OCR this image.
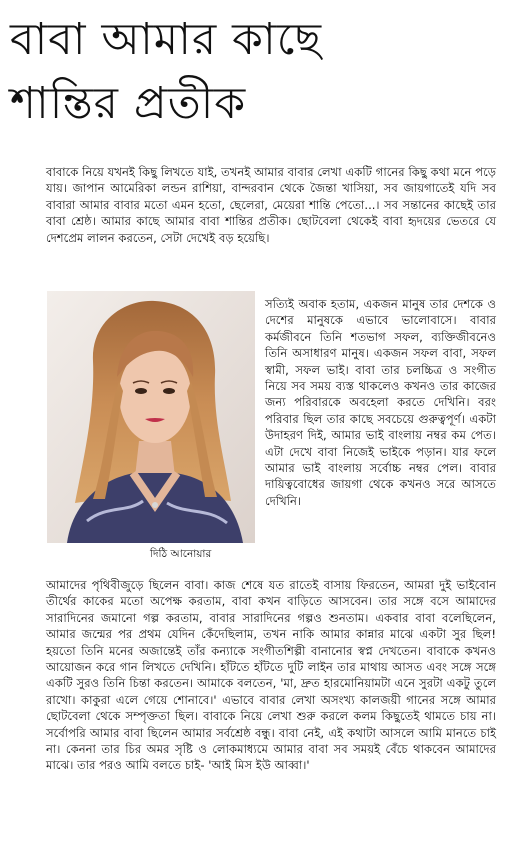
বাবা আমার কাছে
শান্তির প্রতীক

বাবাকে নিয়ে যখনই কিছু লিখতে যাই, তখনই আমার বাবার লেখা একটি গানের কিছু কথা মনে পড়ে যায়। জাপান আমেরিকা লন্ডন রাশিয়া, বান্দরবান থেকে জৈন্তা খাসিয়া, সব জায়গাতেই যদি সব বাবারা আমার বাবার মতো এমন হতো, ছেলেরা, মেয়েরা শান্তি পেতো...। সব সন্তানের কাছেই তার বাবা শ্রেষ্ঠ। আমার কাছে আমার বাবা শান্তির প্রতীক। ছোটবেলা থেকেই বাবা হৃদয়ের ভেতরে যে দেশপ্রেম লালন করতেন, সেটা দেখেই বড় হয়েছি।

দিঠি আনোয়ার

সত্যিই অবাক হতাম, একজন মানুষ তার দেশকে ও দেশের মানুষকে এভাবে ভালোবাসে। বাবার কর্মজীবনে তিনি শতভাগ সফল, ব্যক্তিজীবনেও তিনি অসাধারণ মানুষ। একজন সফল বাবা, সফল স্বামী, সফল ভাই। বাবা তার চলচ্চিত্র ও সংগীত নিয়ে সব সময় ব্যস্ত থাকলেও কখনও তার কাজের জন্য পরিবারকে অবহেলা করতে দেখিনি। বরং পরিবার ছিল তার কাছে সবচেয়ে গুরুত্বপূর্ণ। একটা উদাহরণ দিই, আমার ভাই বাংলায় নম্বর কম পেত। এটা দেখে বাবা নিজেই ভাইকে পড়ান। যার ফলে আমার ভাই বাংলায় সর্বোচ্চ নম্বর পেল। বাবার দায়িত্ববোধের জায়গা থেকে কখনও সরে আসতে দেখিনি।

আমাদের পৃথিবীজুড়ে ছিলেন বাবা। কাজ শেষে যত রাতেই বাসায় ফিরতেন, আমরা দুই ভাইবোন তীর্থের কাকের মতো অপেক্ষ করতাম, বাবা কখন বাড়িতে আসবেন। তার সঙ্গে বসে আমাদের সারাদিনের জমানো গল্প করতাম, বাবার সারাদিনের গল্পও শুনতাম। একবার বাবা বলেছিলেন, আমার জন্মের পর প্রথম যেদিন কেঁদেছিলাম, তখন নাকি আমার কান্নার মাঝে একটা সুর ছিল! হয়তো তিনি মনের অজান্তেই তাঁর কন্যাকে সংগীতশিল্পী বানানোর স্বপ্ন দেখতেন। বাবাকে কখনও আয়োজন করে গান লিখতে দেখিনি। হাঁটতে হাঁটতে দুটি লাইন তার মাথায় আসত এবং সঙ্গে সঙ্গে একটি সুরও তিনি চিন্তা করতেন। আমাকে বলতেন, 'মা, দ্রুত হারমোনিয়ামটা এনে সুরটা একটু তুলে রাখো। কাকুরা এলে গেয়ে শোনাবে।' এভাবে বাবার লেখা অসংখ্য কালজয়ী গানের সঙ্গে আমার ছোটবেলা থেকে সম্পৃক্ততা ছিল। বাবাকে নিয়ে লেখা শুরু করলে কলম কিছুতেই থামতে চায় না। সর্বোপরি আমার বাবা ছিলেন আমার সর্বশ্রেষ্ঠ বন্ধু। বাবা নেই, এই কথাটা আসলে আমি মানতে চাই না। কেননা তার চির অমর সৃষ্টি ও লোকমাধ্যমে আমার বাবা সব সময়ই বেঁচে থাকবেন আমাদের মাঝে। তার পরও আমি বলতে চাই- 'আই মিস ইউ আব্বা।'
